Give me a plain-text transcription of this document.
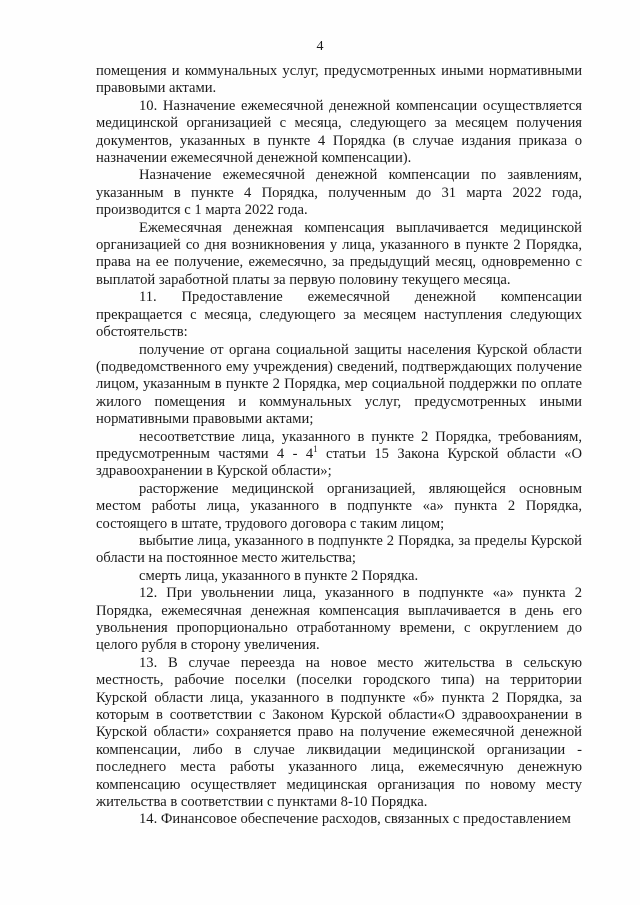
4

помещения и коммунальных услуг, предусмотренных иными нормативными правовыми актами.

10. Назначение ежемесячной денежной компенсации осуществляется медицинской организацией с месяца, следующего за месяцем получения документов, указанных в пункте 4 Порядка (в случае издания приказа о назначении ежемесячной денежной компенсации).

Назначение ежемесячной денежной компенсации по заявлениям, указанным в пункте 4 Порядка, полученным до 31 марта 2022 года, производится с 1 марта 2022 года.

Ежемесячная денежная компенсация выплачивается медицинской организацией со дня возникновения у лица, указанного в пункте 2 Порядка, права на ее получение, ежемесячно, за предыдущий месяц, одновременно с выплатой заработной платы за первую половину текущего месяца.

11. Предоставление ежемесячной денежной компенсации прекращается с месяца, следующего за месяцем наступления следующих обстоятельств:

получение от органа социальной защиты населения Курской области (подведомственного ему учреждения) сведений, подтверждающих получение лицом, указанным в пункте 2 Порядка, мер социальной поддержки по оплате жилого помещения и коммунальных услуг, предусмотренных иными нормативными правовыми актами;

несоответствие лица, указанного в пункте 2 Порядка, требованиям, предусмотренным частями $4 - 4^1$ статьи 15 Закона Курской области «О здравоохранении в Курской области»;

расторжение медицинской организацией, являющейся основным местом работы лица, указанного в подпункте «а» пункта 2 Порядка, состоящего в штате, трудового договора с таким лицом;

выбытие лица, указанного в подпункте 2 Порядка, за пределы Курской области на постоянное место жительства;

смерть лица, указанного в пункте 2 Порядка.

12. При увольнении лица, указанного в подпункте «а» пункта 2 Порядка, ежемесячная денежная компенсация выплачивается в день его увольнения пропорционально отработанному времени, с округлением до целого рубля в сторону увеличения.

13. В случае переезда на новое место жительства в сельскую местность, рабочие поселки (поселки городского типа) на территории Курской области лица, указанного в подпункте «б» пункта 2 Порядка, за которым в соответствии с Законом Курской области«О здравоохранении в Курской области» сохраняется право на получение ежемесячной денежной компенсации, либо в случае ликвидации медицинской организации - последнего места работы указанного лица, ежемесячную денежную компенсацию осуществляет медицинская организация по новому месту жительства в соответствии с пунктами 8-10 Порядка.

14. Финансовое обеспечение расходов, связанных с предоставлением
